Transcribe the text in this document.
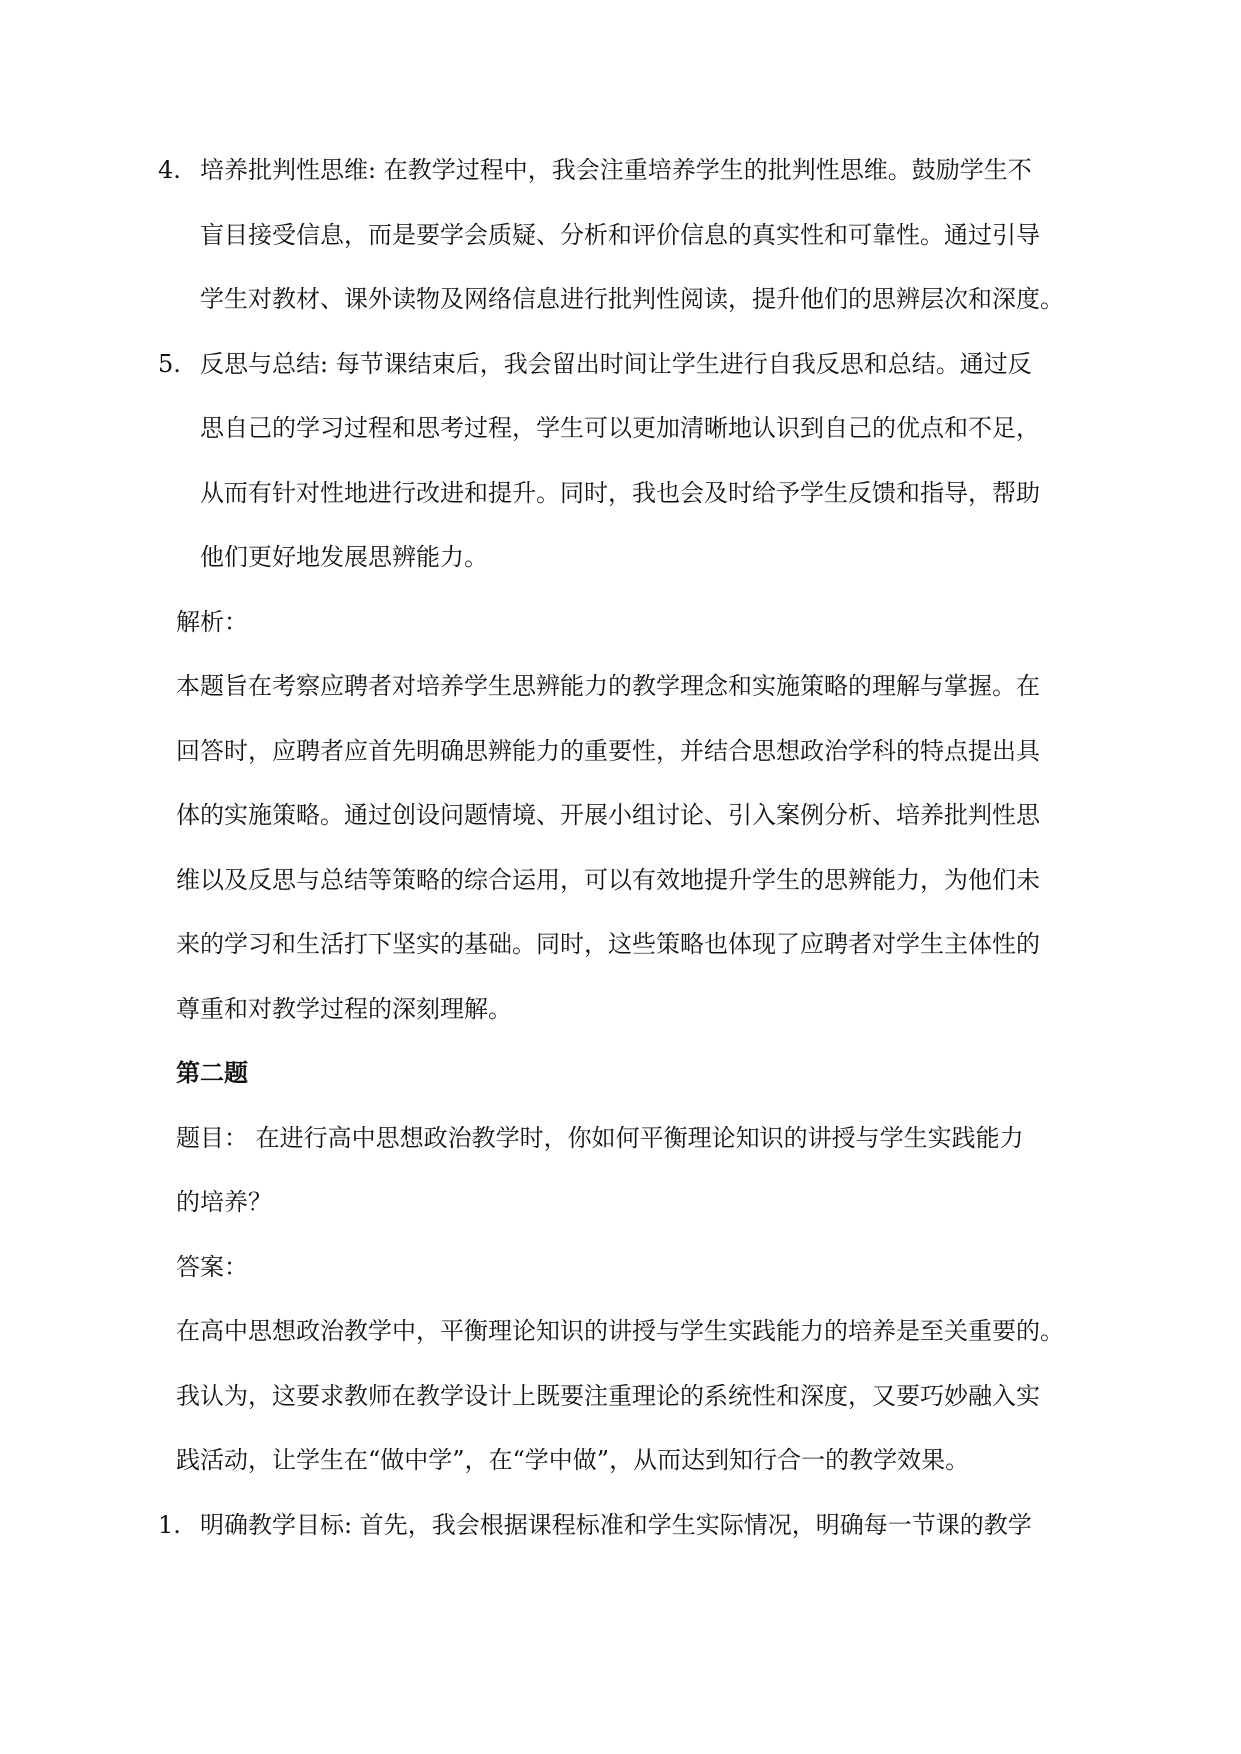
4. 培养批判性思维: 在教学过程中，我会注重培养学生的批判性思维。鼓励学生不
盲目接受信息，而是要学会质疑、分析和评价信息的真实性和可靠性。通过引导
学生对教材、课外读物及网络信息进行批判性阅读，提升他们的思辨层次和深度。
5. 反思与总结: 每节课结束后，我会留出时间让学生进行自我反思和总结。通过反
思自己的学习过程和思考过程，学生可以更加清晰地认识到自己的优点和不足，
从而有针对性地进行改进和提升。同时，我也会及时给予学生反馈和指导，帮助
他们更好地发展思辨能力。
解析：
本题旨在考察应聘者对培养学生思辨能力的教学理念和实施策略的理解与掌握。在
回答时，应聘者应首先明确思辨能力的重要性，并结合思想政治学科的特点提出具
体的实施策略。通过创设问题情境、开展小组讨论、引入案例分析、培养批判性思
维以及反思与总结等策略的综合运用，可以有效地提升学生的思辨能力，为他们未
来的学习和生活打下坚实的基础。同时，这些策略也体现了应聘者对学生主体性的
尊重和对教学过程的深刻理解。
第二题
题目： 在进行高中思想政治教学时，你如何平衡理论知识的讲授与学生实践能力
的培养？
答案：
在高中思想政治教学中，平衡理论知识的讲授与学生实践能力的培养是至关重要的。
我认为，这要求教师在教学设计上既要注重理论的系统性和深度，又要巧妙融入实
践活动，让学生在“做中学”，在“学中做”，从而达到知行合一的教学效果。
1. 明确教学目标: 首先，我会根据课程标准和学生实际情况，明确每一节课的教学
